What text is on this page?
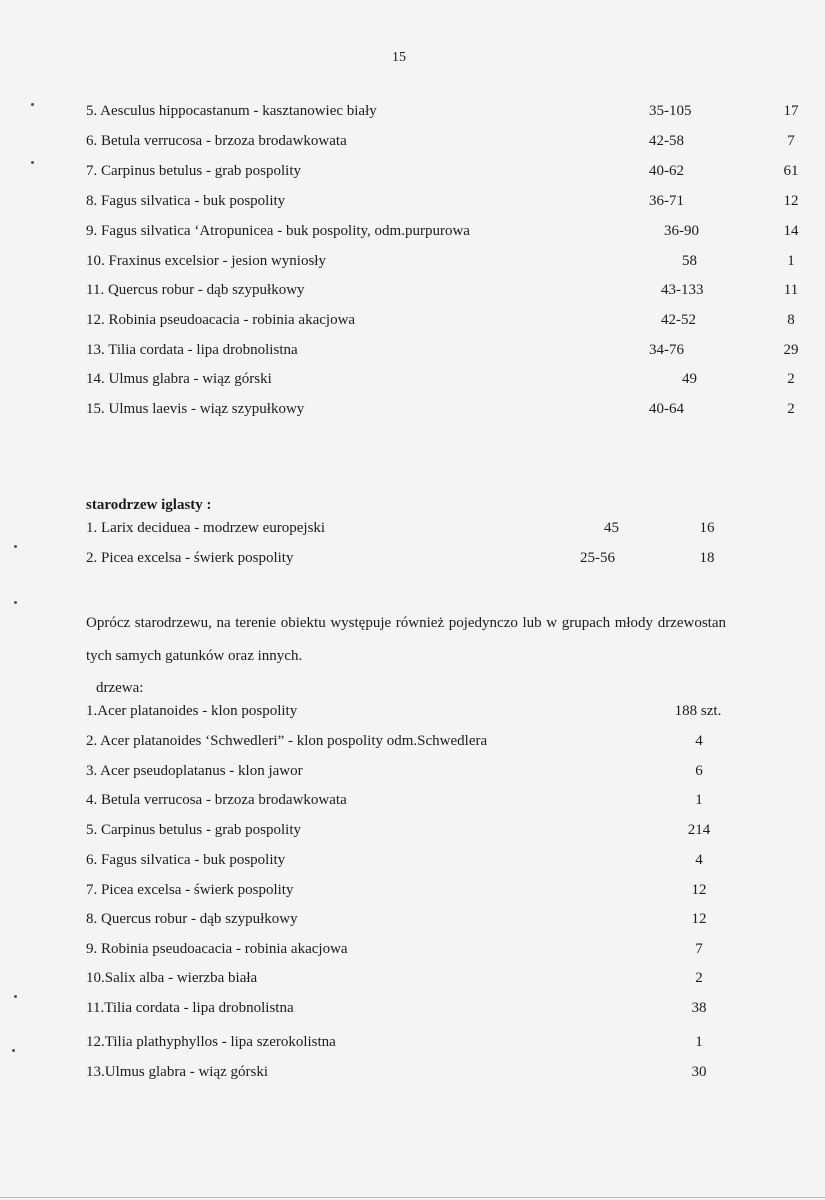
15
5. Aesculus hippocastanum - kasztanowiec biały	35-105	17
6. Betula verrucosa - brzoza brodawkowata	42-58	7
7. Carpinus betulus - grab pospolity	40-62	61
8. Fagus silvatica - buk pospolity	36-71	12
9. Fagus silvatica ‘Atropunicea - buk pospolity, odm.purpurowa	36-90	14
10. Fraxinus excelsior - jesion wyniosły	58	1
11. Quercus robur - dąb szypułkowy	43-133	11
12. Robinia pseudoacacia - robinia akacjowa	42-52	8
13. Tilia cordata - lipa drobnolistna	34-76	29
14. Ulmus glabra - wiąz górski	49	2
15. Ulmus laevis - wiąz szypułkowy	40-64	2
starodrzew iglasty :
1. Larix deciduea - modrzew europejski	45	16
2. Picea excelsa - świerk pospolity	25-56	18
Oprócz starodrzewu, na terenie obiektu występuje również pojedynczo lub w grupach młody drzewostan tych samych gatunków oraz innych.
drzewa:
1.Acer platanoides - klon pospolity	188 szt.
2. Acer platanoides ‘Schwedleri” - klon pospolity odm.Schwedlera	4
3. Acer pseudoplatanus - klon jawor	6
4. Betula verrucosa - brzoza brodawkowata	1
5. Carpinus betulus - grab pospolity	214
6. Fagus silvatica - buk pospolity	4
7. Picea excelsa - świerk pospolity	12
8. Quercus robur - dąb szypułkowy	12
9. Robinia pseudoacacia - robinia akacjowa	7
10.Salix alba - wierzba biała	2
11.Tilia cordata - lipa drobnolistna	38
12.Tilia plathyphyllos - lipa szerokolistna	1
13.Ulmus glabra - wiąz górski	30
